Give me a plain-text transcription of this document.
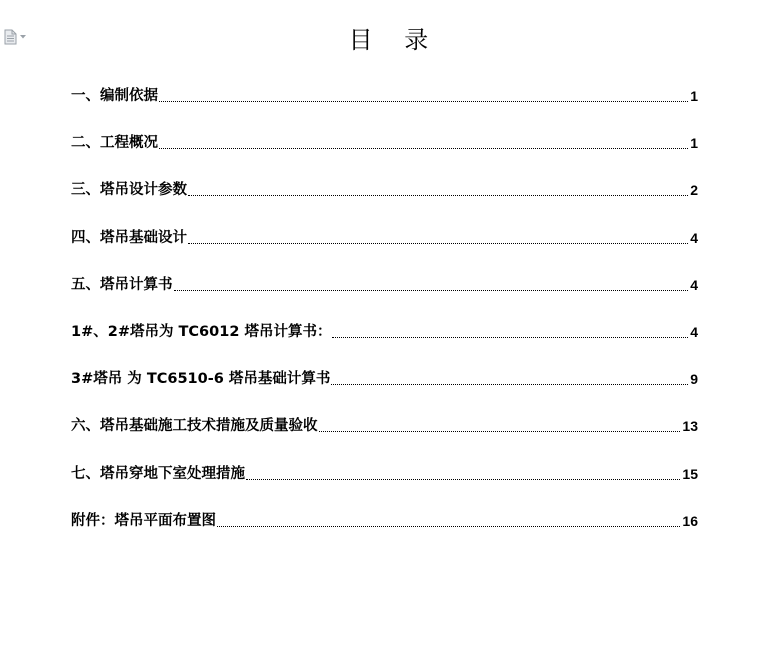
目 录
一、编制依据	1
二、工程概况	1
三、塔吊设计参数	2
四、塔吊基础设计	4
五、塔吊计算书	4
1#、2#塔吊为 TC6012 塔吊计算书：	4
3#塔吊 为 TC6510-6 塔吊基础计算书	9
六、塔吊基础施工技术措施及质量验收	13
七、塔吊穿地下室处理措施	15
附件：塔吊平面布置图	16
